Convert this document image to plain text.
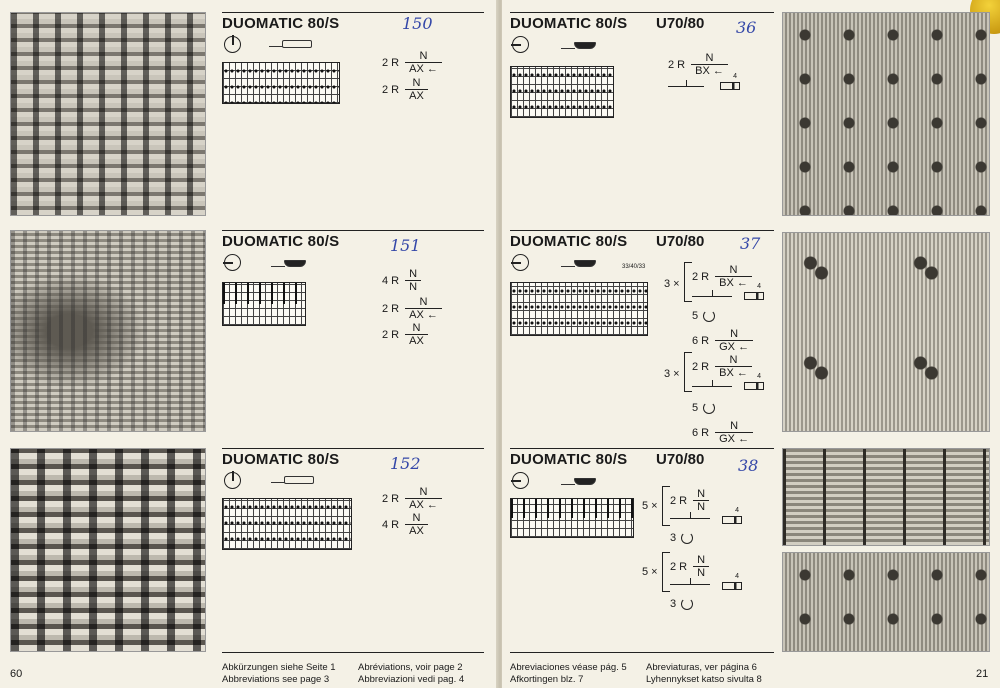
DUOMATIC 80/S	150
2 R $\frac{N}{AX \leftarrow}$
2 R $\frac{N}{AX}$
DUOMATIC 80/S	151
4 R $\frac{N}{N}$
2 R $\frac{N}{AX \leftarrow}$
2 R $\frac{N}{AX}$
DUOMATIC 80/S	152
2 R $\frac{N}{AX \leftarrow}$
4 R $\frac{N}{AX}$
Abkürzungen siehe Seite 1
Abbreviations see page 3
Abréviations, voir page 2
Abbreviazioni vedi pag. 4
60
DUOMATIC 80/S U70/80 36
2 R $\frac{N}{BX \leftarrow}$
4
DUOMATIC 80/S U70/80 37
33/40/33
3 ×
2 R $\frac{N}{BX \leftarrow}$
4
5
6 R $\frac{N}{GX \leftarrow}$
3 ×
2 R $\frac{N}{BX \leftarrow}$
4
5
6 R $\frac{N}{GX \leftarrow}$
DUOMATIC 80/S U70/80 38
5 × 2 R $\frac{N}{N}$
4
3
5 × 2 R $\frac{N}{N}$
4
3
Abreviaciones véase pág. 5
Afkortingen blz. 7
Abreviaturas, ver página 6
Lyhennykset katso sivulta 8	21
